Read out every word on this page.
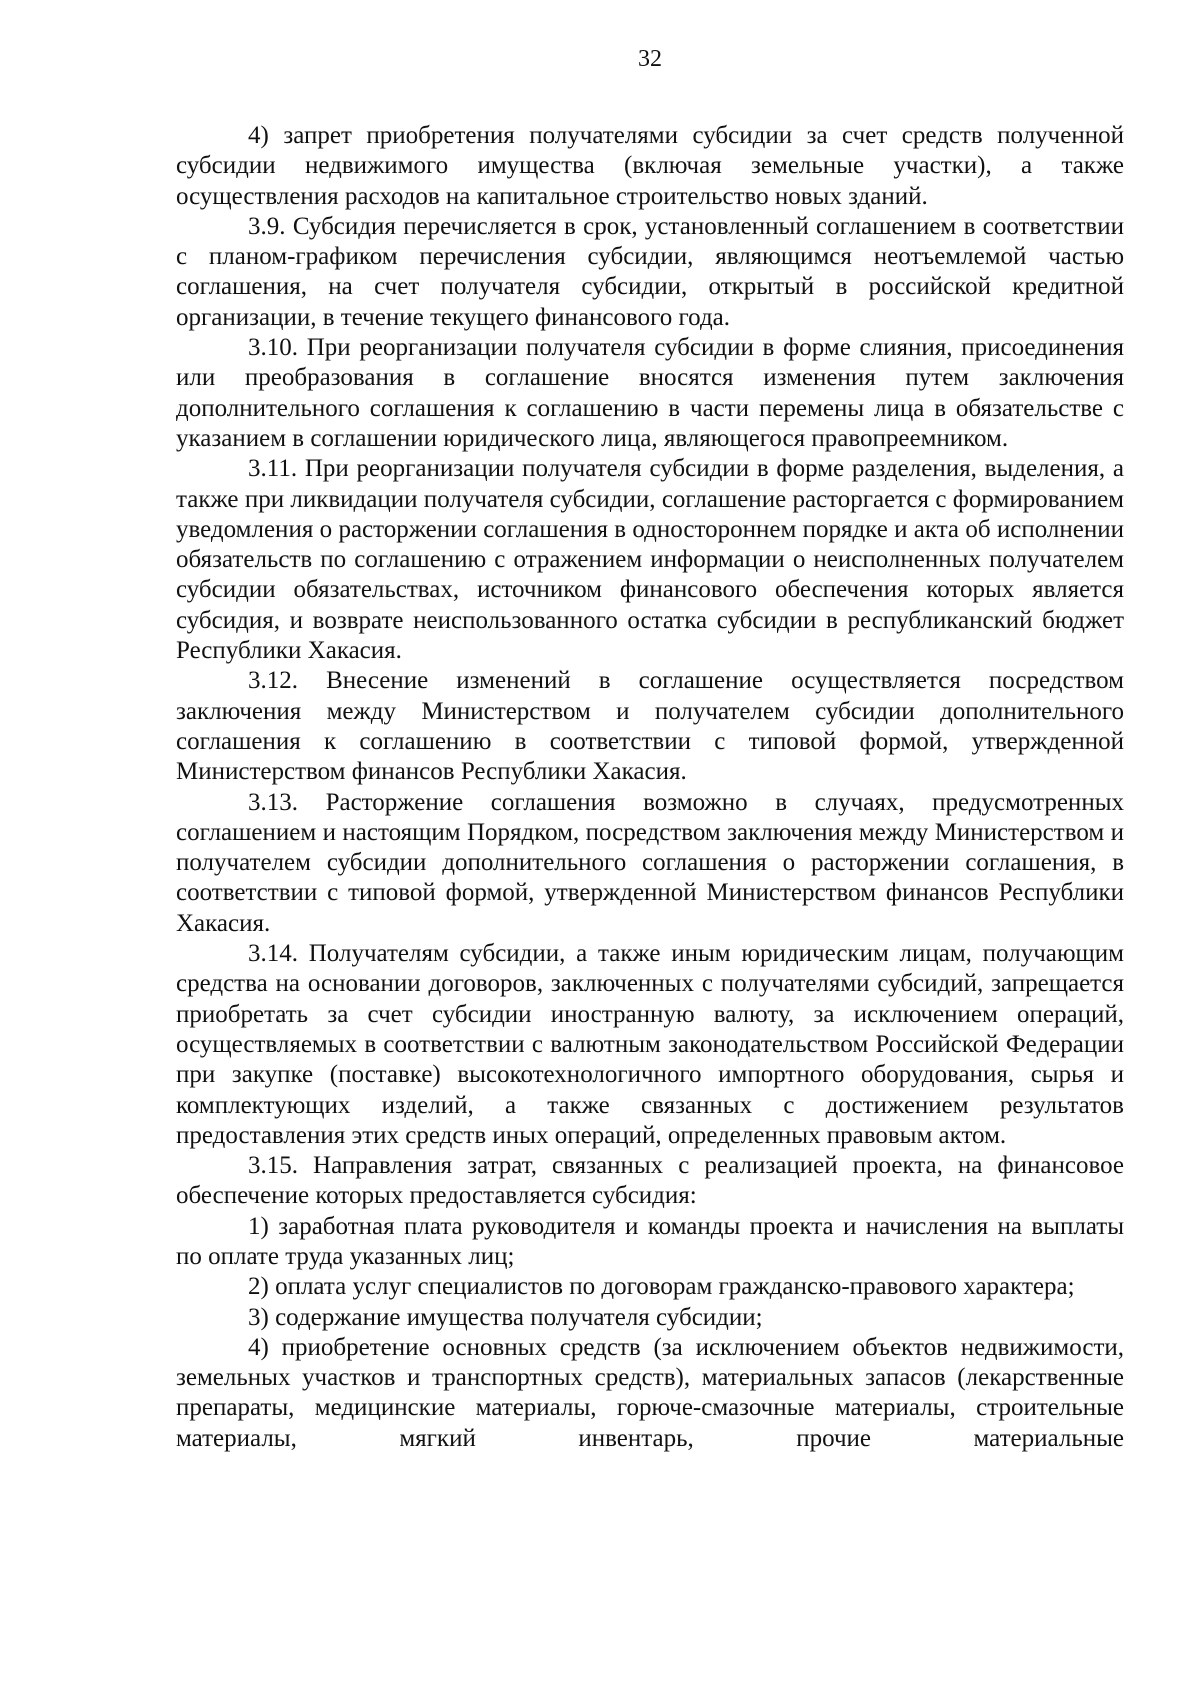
32

4) запрет приобретения получателями субсидии за счет средств полученной субсидии недвижимого имущества (включая земельные участки), а также осуществления расходов на капитальное строительство новых зданий.

3.9. Субсидия перечисляется в срок, установленный соглашением в соответствии с планом-графиком перечисления субсидии, являющимся неотъемлемой частью соглашения, на счет получателя субсидии, открытый в российской кредитной организации, в течение текущего финансового года.

3.10. При реорганизации получателя субсидии в форме слияния, присоединения или преобразования в соглашение вносятся изменения путем заключения дополнительного соглашения к соглашению в части перемены лица в обязательстве с указанием в соглашении юридического лица, являющегося правопреемником.

3.11. При реорганизации получателя субсидии в форме разделения, выделения, а также при ликвидации получателя субсидии, соглашение расторгается с формированием уведомления о расторжении соглашения в одностороннем порядке и акта об исполнении обязательств по соглашению с отражением информации о неисполненных получателем субсидии обязательствах, источником финансового обеспечения которых является субсидия, и возврате неиспользованного остатка субсидии в республиканский бюджет Республики Хакасия.

3.12. Внесение изменений в соглашение осуществляется посредством заключения между Министерством и получателем субсидии дополнительного соглашения к соглашению в соответствии с типовой формой, утвержденной Министерством финансов Республики Хакасия.

3.13. Расторжение соглашения возможно в случаях, предусмотренных соглашением и настоящим Порядком, посредством заключения между Министерством и получателем субсидии дополнительного соглашения о расторжении соглашения, в соответствии с типовой формой, утвержденной Министерством финансов Республики Хакасия.

3.14. Получателям субсидии, а также иным юридическим лицам, получающим средства на основании договоров, заключенных с получателями субсидий, запрещается приобретать за счет субсидии иностранную валюту, за исключением операций, осуществляемых в соответствии с валютным законодательством Российской Федерации при закупке (поставке) высокотехнологичного импортного оборудования, сырья и комплектующих изделий, а также связанных с достижением результатов предоставления этих средств иных операций, определенных правовым актом.

3.15. Направления затрат, связанных с реализацией проекта, на финансовое обеспечение которых предоставляется субсидия:

1) заработная плата руководителя и команды проекта и начисления на выплаты по оплате труда указанных лиц;

2) оплата услуг специалистов по договорам гражданско-правового характера;

3) содержание имущества получателя субсидии;

4) приобретение основных средств (за исключением объектов недвижимости, земельных участков и транспортных средств), материальных запасов (лекарственные препараты, медицинские материалы, горюче-смазочные материалы, строительные материалы, мягкий инвентарь, прочие материальные
